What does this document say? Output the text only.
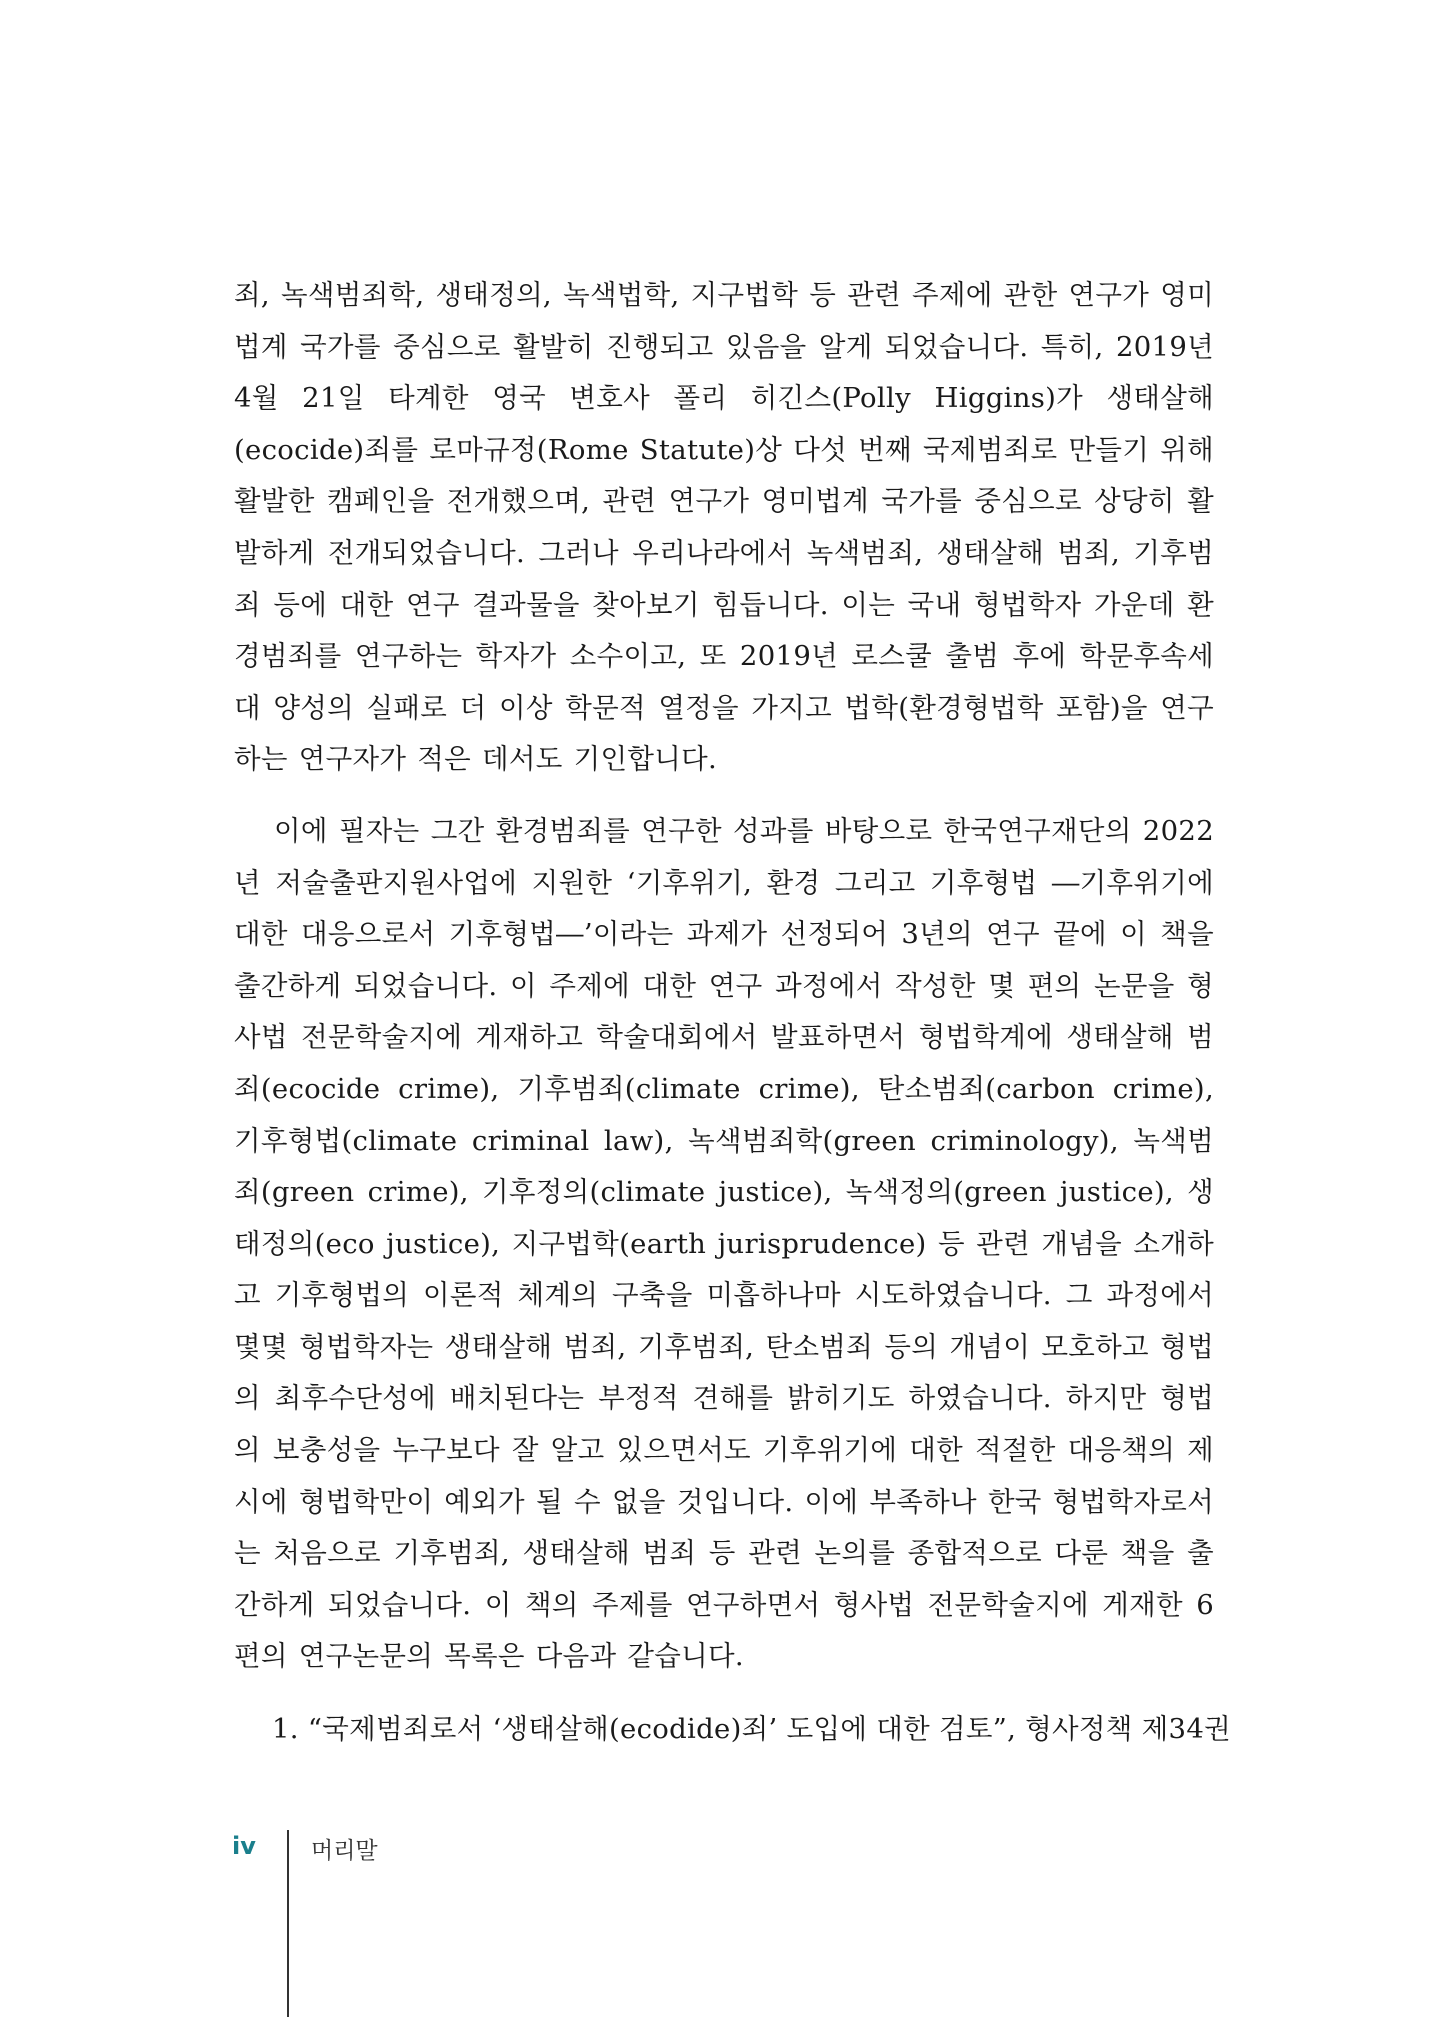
죄, 녹색범죄학, 생태정의, 녹색법학, 지구법학 등 관련 주제에 관한 연구가 영미법계 국가를 중심으로 활발히 진행되고 있음을 알게 되었습니다. 특히, 2019년 4월 21일 타계한 영국 변호사 폴리 히긴스(Polly Higgins)가 생태살해(ecocide)죄를 로마규정(Rome Statute)상 다섯 번째 국제범죄로 만들기 위해 활발한 캠페인을 전개했으며, 관련 연구가 영미법계 국가를 중심으로 상당히 활발하게 전개되었습니다. 그러나 우리나라에서 녹색범죄, 생태살해 범죄, 기후범죄 등에 대한 연구 결과물을 찾아보기 힘듭니다. 이는 국내 형법학자 가운데 환경범죄를 연구하는 학자가 소수이고, 또 2019년 로스쿨 출범 후에 학문후속세대 양성의 실패로 더 이상 학문적 열정을 가지고 법학(환경형법학 포함)을 연구하는 연구자가 적은 데서도 기인합니다.

이에 필자는 그간 환경범죄를 연구한 성과를 바탕으로 한국연구재단의 2022년 저술출판지원사업에 지원한 ‘기후위기, 환경 그리고 기후형법 ―기후위기에 대한 대응으로서 기후형법―’이라는 과제가 선정되어 3년의 연구 끝에 이 책을 출간하게 되었습니다. 이 주제에 대한 연구 과정에서 작성한 몇 편의 논문을 형사법 전문학술지에 게재하고 학술대회에서 발표하면서 형법학계에 생태살해 범죄(ecocide crime), 기후범죄(climate crime), 탄소범죄(carbon crime), 기후형법(climate criminal law), 녹색범죄학(green criminology), 녹색범죄(green crime), 기후정의(climate justice), 녹색정의(green justice), 생태정의(eco justice), 지구법학(earth jurisprudence) 등 관련 개념을 소개하고 기후형법의 이론적 체계의 구축을 미흡하나마 시도하였습니다. 그 과정에서 몇몇 형법학자는 생태살해 범죄, 기후범죄, 탄소범죄 등의 개념이 모호하고 형법의 최후수단성에 배치된다는 부정적 견해를 밝히기도 하였습니다. 하지만 형법의 보충성을 누구보다 잘 알고 있으면서도 기후위기에 대한 적절한 대응책의 제시에 형법학만이 예외가 될 수 없을 것입니다. 이에 부족하나 한국 형법학자로서는 처음으로 기후범죄, 생태살해 범죄 등 관련 논의를 종합적으로 다룬 책을 출간하게 되었습니다. 이 책의 주제를 연구하면서 형사법 전문학술지에 게재한 6편의 연구논문의 목록은 다음과 같습니다.

1. “국제범죄로서 ‘생태살해(ecodide)죄’ 도입에 대한 검토”, 형사정책 제34권
iv 머리말
